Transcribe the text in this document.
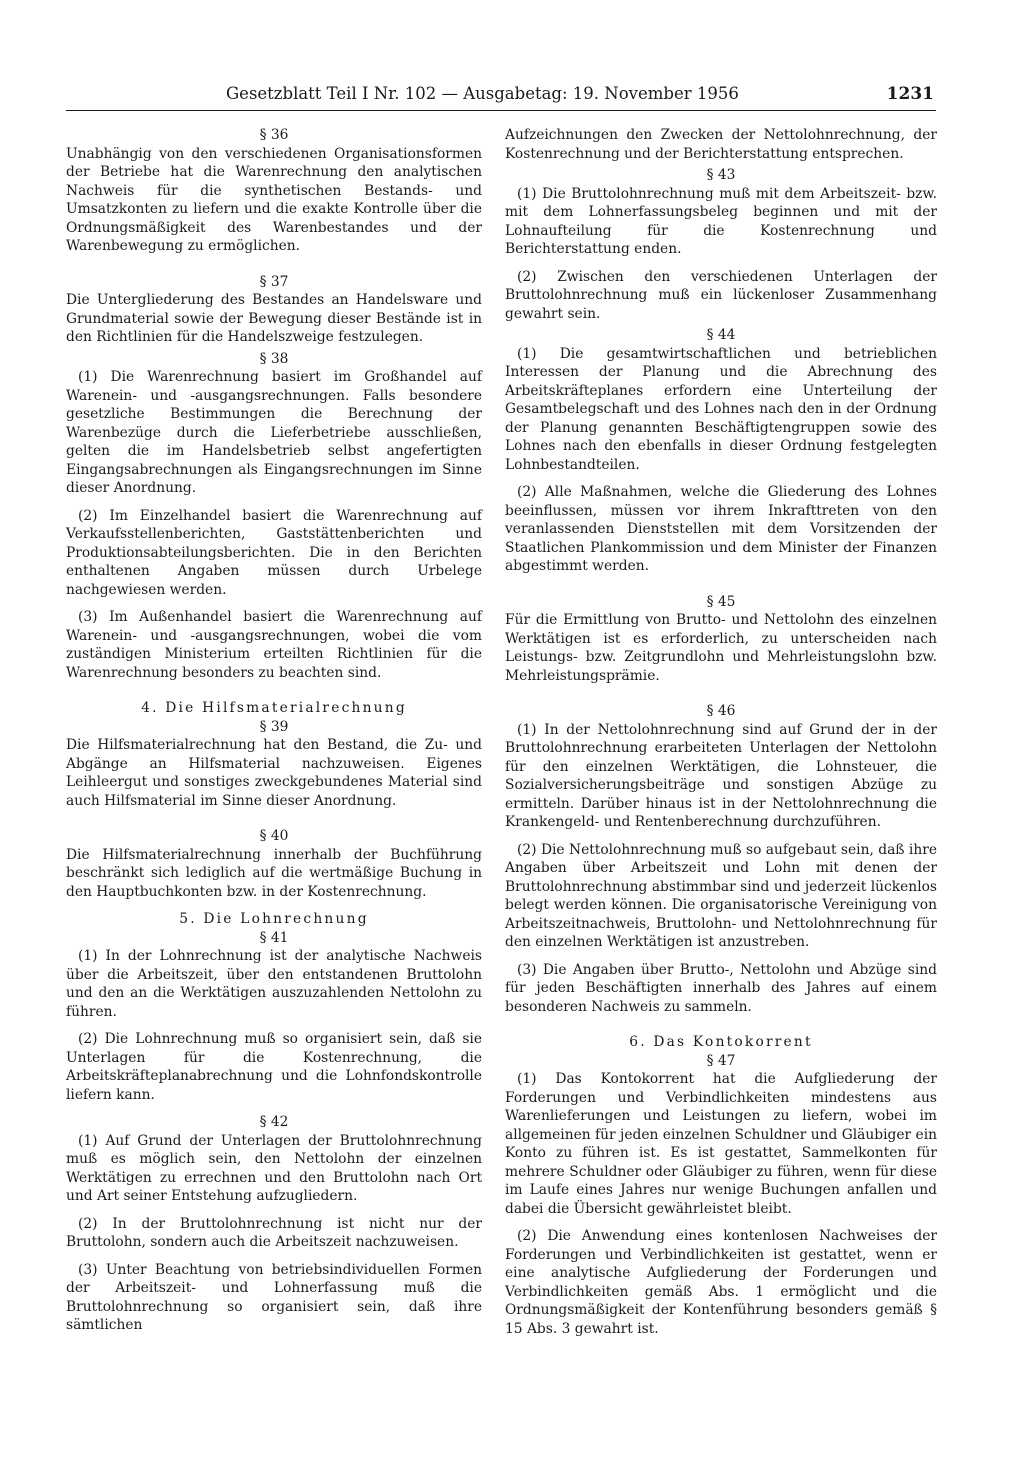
Gesetzblatt Teil I Nr. 102 — Ausgabetag: 19. November 1956	1231

§ 36

Unabhängig von den verschiedenen Organisationsformen der Betriebe hat die Warenrechnung den analytischen Nachweis für die synthetischen Bestands- und Umsatzkonten zu liefern und die exakte Kontrolle über die Ordnungsmäßigkeit des Warenbestandes und der Warenbewegung zu ermöglichen.

§ 37

Die Untergliederung des Bestandes an Handelsware und Grundmaterial sowie der Bewegung dieser Bestände ist in den Richtlinien für die Handelszweige festzulegen.

§ 38

(1) Die Warenrechnung basiert im Großhandel auf Warenein- und -ausgangsrechnungen. Falls besondere gesetzliche Bestimmungen die Berechnung der Warenbezüge durch die Lieferbetriebe ausschließen, gelten die im Handelsbetrieb selbst angefertigten Eingangsabrechnungen als Eingangsrechnungen im Sinne dieser Anordnung.

(2) Im Einzelhandel basiert die Warenrechnung auf Verkaufsstellenberichten, Gaststättenberichten und Produktionsabteilungsberichten. Die in den Berichten enthaltenen Angaben müssen durch Urbelege nachgewiesen werden.

(3) Im Außenhandel basiert die Warenrechnung auf Warenein- und -ausgangsrechnungen, wobei die vom zuständigen Ministerium erteilten Richtlinien für die Warenrechnung besonders zu beachten sind.

4. Die Hilfsmaterialrechnung

§ 39

Die Hilfsmaterialrechnung hat den Bestand, die Zu- und Abgänge an Hilfsmaterial nachzuweisen. Eigenes Leihleergut und sonstiges zweckgebundenes Material sind auch Hilfsmaterial im Sinne dieser Anordnung.

§ 40

Die Hilfsmaterialrechnung innerhalb der Buchführung beschränkt sich lediglich auf die wertmäßige Buchung in den Hauptbuchkonten bzw. in der Kostenrechnung.

5. Die Lohnrechnung

§ 41

(1) In der Lohnrechnung ist der analytische Nachweis über die Arbeitszeit, über den entstandenen Bruttolohn und den an die Werktätigen auszuzahlenden Nettolohn zu führen.

(2) Die Lohnrechnung muß so organisiert sein, daß sie Unterlagen für die Kostenrechnung, die Arbeitskräfteplanabrechnung und die Lohnfondskontrolle liefern kann.

§ 42

(1) Auf Grund der Unterlagen der Bruttolohnrechnung muß es möglich sein, den Nettolohn der einzelnen Werktätigen zu errechnen und den Bruttolohn nach Ort und Art seiner Entstehung aufzugliedern.

(2) In der Bruttolohnrechnung ist nicht nur der Bruttolohn, sondern auch die Arbeitszeit nachzuweisen.

(3) Unter Beachtung von betriebsindividuellen Formen der Arbeitszeit- und Lohnerfassung muß die Bruttolohnrechnung so organisiert sein, daß ihre sämtlichen

Aufzeichnungen den Zwecken der Nettolohnrechnung, der Kostenrechnung und der Berichterstattung entsprechen.

§ 43

(1) Die Bruttolohnrechnung muß mit dem Arbeitszeit- bzw. mit dem Lohnerfassungsbeleg beginnen und mit der Lohnaufteilung für die Kostenrechnung und Berichterstattung enden.

(2) Zwischen den verschiedenen Unterlagen der Bruttolohnrechnung muß ein lückenloser Zusammenhang gewahrt sein.

§ 44

(1) Die gesamtwirtschaftlichen und betrieblichen Interessen der Planung und die Abrechnung des Arbeitskräfteplanes erfordern eine Unterteilung der Gesamtbelegschaft und des Lohnes nach den in der Ordnung der Planung genannten Beschäftigtengruppen sowie des Lohnes nach den ebenfalls in dieser Ordnung festgelegten Lohnbestandteilen.

(2) Alle Maßnahmen, welche die Gliederung des Lohnes beeinflussen, müssen vor ihrem Inkrafttreten von den veranlassenden Dienststellen mit dem Vorsitzenden der Staatlichen Plankommission und dem Minister der Finanzen abgestimmt werden.

§ 45

Für die Ermittlung von Brutto- und Nettolohn des einzelnen Werktätigen ist es erforderlich, zu unterscheiden nach Leistungs- bzw. Zeitgrundlohn und Mehrleistungslohn bzw. Mehrleistungsprämie.

§ 46

(1) In der Nettolohnrechnung sind auf Grund der in der Bruttolohnrechnung erarbeiteten Unterlagen der Nettolohn für den einzelnen Werktätigen, die Lohnsteuer, die Sozialversicherungsbeiträge und sonstigen Abzüge zu ermitteln. Darüber hinaus ist in der Nettolohnrechnung die Krankengeld- und Rentenberechnung durchzuführen.

(2) Die Nettolohnrechnung muß so aufgebaut sein, daß ihre Angaben über Arbeitszeit und Lohn mit denen der Bruttolohnrechnung abstimmbar sind und jederzeit lückenlos belegt werden können. Die organisatorische Vereinigung von Arbeitszeitnachweis, Bruttolohn- und Nettolohnrechnung für den einzelnen Werktätigen ist anzustreben.

(3) Die Angaben über Brutto-, Nettolohn und Abzüge sind für jeden Beschäftigten innerhalb des Jahres auf einem besonderen Nachweis zu sammeln.

6. Das Kontokorrent

§ 47

(1) Das Kontokorrent hat die Aufgliederung der Forderungen und Verbindlichkeiten mindestens aus Warenlieferungen und Leistungen zu liefern, wobei im allgemeinen für jeden einzelnen Schuldner und Gläubiger ein Konto zu führen ist. Es ist gestattet, Sammelkonten für mehrere Schuldner oder Gläubiger zu führen, wenn für diese im Laufe eines Jahres nur wenige Buchungen anfallen und dabei die Übersicht gewährleistet bleibt.

(2) Die Anwendung eines kontenlosen Nachweises der Forderungen und Verbindlichkeiten ist gestattet, wenn er eine analytische Aufgliederung der Forderungen und Verbindlichkeiten gemäß Abs. 1 ermöglicht und die Ordnungsmäßigkeit der Kontenführung besonders gemäß § 15 Abs. 3 gewahrt ist.
